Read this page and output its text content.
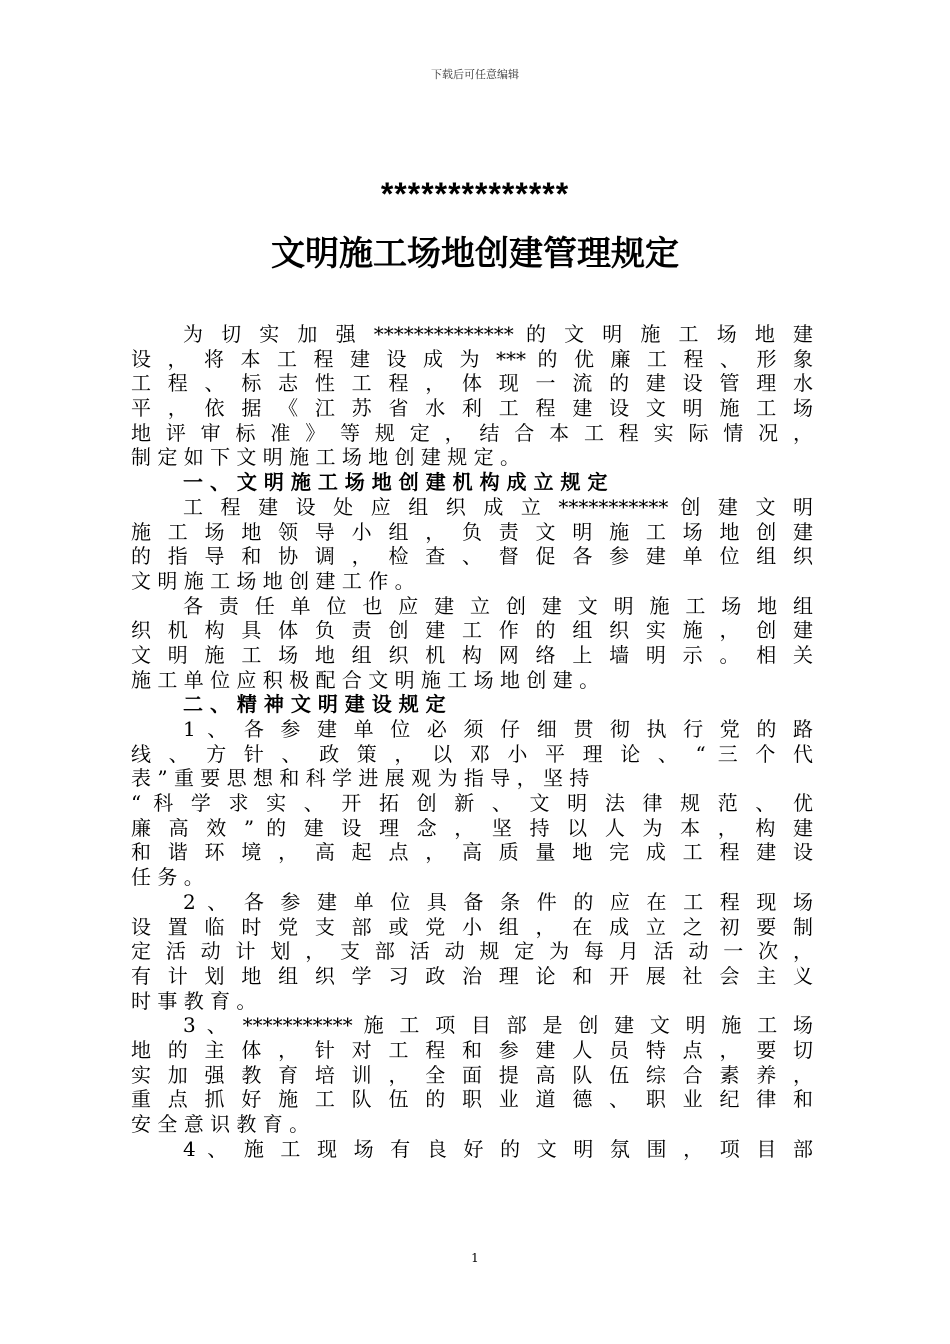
下载后可任意编辑
**************
文明施工场地创建管理规定
为 切 实 加 强 ************** 的 文 明 施 工 场 地 建
设 ， 将 本 工 程 建 设 成 为 *** 的 优 廉 工 程 、 形 象
工 程 、 标 志 性 工 程 ， 体 现 一 流 的 建 设 管 理 水
平 ， 依 据 《 江 苏 省 水 利 工 程 建 设 文 明 施 工 场
地 评 审 标 准 》 等 规 定 ， 结 合 本 工 程 实 际 情 况 ，
制 定 如 下 文 明 施 工 场 地 创 建 规 定 。
一 、 文 明 施 工 场 地 创 建 机 构 成 立 规 定
工 程 建 设 处 应 组 织 成 立 *********** 创 建 文 明
施 工 场 地 领 导 小 组 ， 负 责 文 明 施 工 场 地 创 建
的 指 导 和 协 调 ， 检 查 、 督 促 各 参 建 单 位 组 织
文 明 施 工 场 地 创 建 工 作 。
各 责 任 单 位 也 应 建 立 创 建 文 明 施 工 场 地 组
织 机 构 具 体 负 责 创 建 工 作 的 组 织 实 施 ， 创 建
文 明 施 工 场 地 组 织 机 构 网 络 上 墙 明 示 。 相 关
施 工 单 位 应 积 极 配 合 文 明 施 工 场 地 创 建 。
二 、 精 神 文 明 建 设 规 定
1 、 各 参 建 单 位 必 须 仔 细 贯 彻 执 行 党 的 路
线 、 方 针 、 政 策 ， 以 邓 小 平 理 论 、 “ 三 个 代
表 ” 重 要 思 想 和 科 学 进 展 观 为 指 导 ， 坚 持
“ 科 学 求 实 、 开 拓 创 新 、 文 明 法 律 规 范 、 优
廉 高 效 ” 的 建 设 理 念 ， 坚 持 以 人 为 本 ， 构 建
和 谐 环 境 ， 高 起 点 ， 高 质 量 地 完 成 工 程 建 设
任 务 。
2 、 各 参 建 单 位 具 备 条 件 的 应 在 工 程 现 场
设 置 临 时 党 支 部 或 党 小 组 ， 在 成 立 之 初 要 制
定 活 动 计 划 ， 支 部 活 动 规 定 为 每 月 活 动 一 次 ，
有 计 划 地 组 织 学 习 政 治 理 论 和 开 展 社 会 主 义
时 事 教 育 。
3 、 *********** 施 工 项 目 部 是 创 建 文 明 施 工 场
地 的 主 体 ， 针 对 工 程 和 参 建 人 员 特 点 ， 要 切
实 加 强 教 育 培 训 ， 全 面 提 高 队 伍 综 合 素 养 ，
重 点 抓 好 施 工 队 伍 的 职 业 道 德 、 职 业 纪 律 和
安 全 意 识 教 育 。
4 、 施 工 现 场 有 良 好 的 文 明 氛 围 ， 项 目 部
1
